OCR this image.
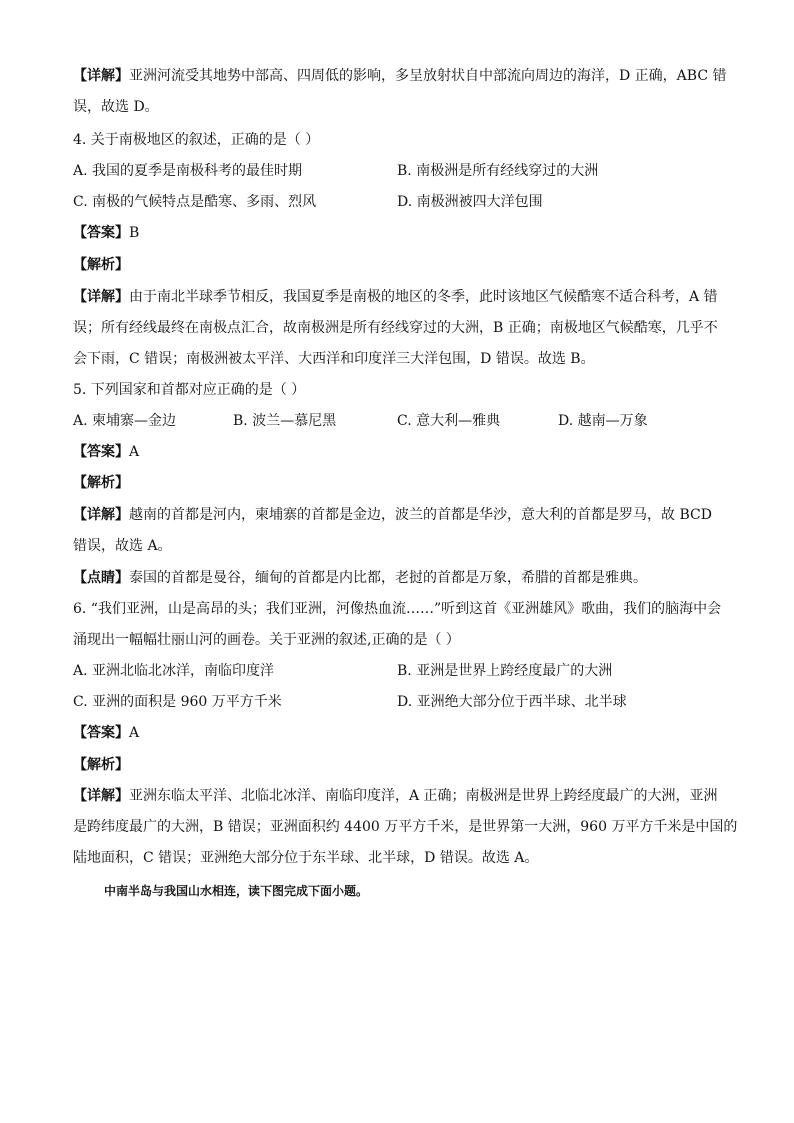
【详解】亚洲河流受其地势中部高、四周低的影响，多呈放射状自中部流向周边的海洋，D 正确，ABC 错
误，故选 D。
4. 关于南极地区的叙述，正确的是（ ）
A. 我国的夏季是南极科考的最佳时期	B. 南极洲是所有经线穿过的大洲
C. 南极的气候特点是酷寒、多雨、烈风	D. 南极洲被四大洋包围
【答案】B
【解析】
【详解】由于南北半球季节相反，我国夏季是南极的地区的冬季，此时该地区气候酷寒不适合科考，A 错
误；所有经线最终在南极点汇合，故南极洲是所有经线穿过的大洲，B 正确；南极地区气候酷寒，几乎不
会下雨，C 错误；南极洲被太平洋、大西洋和印度洋三大洋包围，D 错误。故选 B。
5. 下列国家和首都对应正确的是（ ）
A. 柬埔寨—金边	B. 波兰—慕尼黑	C. 意大利—雅典	D. 越南—万象
【答案】A
【解析】
【详解】越南的首都是河内，柬埔寨的首都是金边，波兰的首都是华沙，意大利的首都是罗马，故 BCD
错误，故选 A。
【点睛】泰国的首都是曼谷，缅甸的首都是内比都，老挝的首都是万象，希腊的首都是雅典。
6. “我们亚洲，山是高昂的头；我们亚洲，河像热血流……”听到这首《亚洲雄风》歌曲，我们的脑海中会
涌现出一幅幅壮丽山河的画卷。关于亚洲的叙述,正确的是（ ）
A. 亚洲北临北冰洋，南临印度洋	B. 亚洲是世界上跨经度最广的大洲
C. 亚洲的面积是 960 万平方千米	D. 亚洲绝大部分位于西半球、北半球
【答案】A
【解析】
【详解】亚洲东临太平洋、北临北冰洋、南临印度洋，A 正确；南极洲是世界上跨经度最广的大洲，亚洲
是跨纬度最广的大洲，B 错误；亚洲面积约 4400 万平方千米，是世界第一大洲，960 万平方千米是中国的
陆地面积，C 错误；亚洲绝大部分位于东半球、北半球，D 错误。故选 A。
中南半岛与我国山水相连，读下图完成下面小题。
